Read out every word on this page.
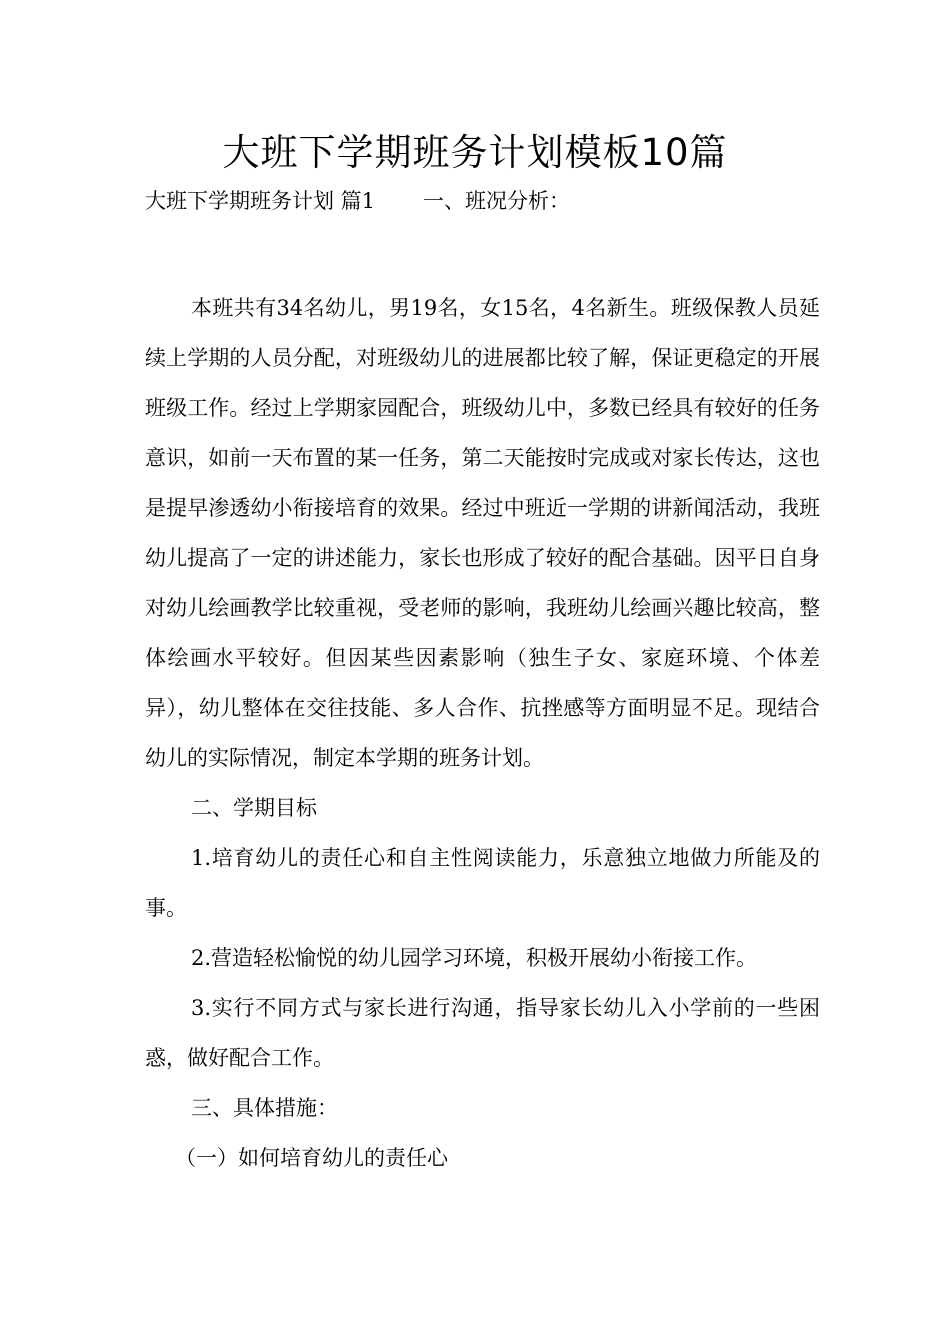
大班下学期班务计划模板10篇
大班下学期班务计划 篇1 一、班况分析：

本班共有34名幼儿，男19名，女15名，4名新生。班级保教人员延续上学期的人员分配，对班级幼儿的进展都比较了解，保证更稳定的开展班级工作。经过上学期家园配合，班级幼儿中，多数已经具有较好的任务意识，如前一天布置的某一任务，第二天能按时完成或对家长传达，这也是提早渗透幼小衔接培育的效果。经过中班近一学期的讲新闻活动，我班幼儿提高了一定的讲述能力，家长也形成了较好的配合基础。因平日自身对幼儿绘画教学比较重视，受老师的影响，我班幼儿绘画兴趣比较高，整体绘画水平较好。但因某些因素影响（独生子女、家庭环境、个体差异），幼儿整体在交往技能、多人合作、抗挫感等方面明显不足。现结合幼儿的实际情况，制定本学期的班务计划。

二、学期目标

1.培育幼儿的责任心和自主性阅读能力，乐意独立地做力所能及的事。

2.营造轻松愉悦的幼儿园学习环境，积极开展幼小衔接工作。

3.实行不同方式与家长进行沟通，指导家长幼儿入小学前的一些困惑，做好配合工作。

三、具体措施：

（一）如何培育幼儿的责任心
